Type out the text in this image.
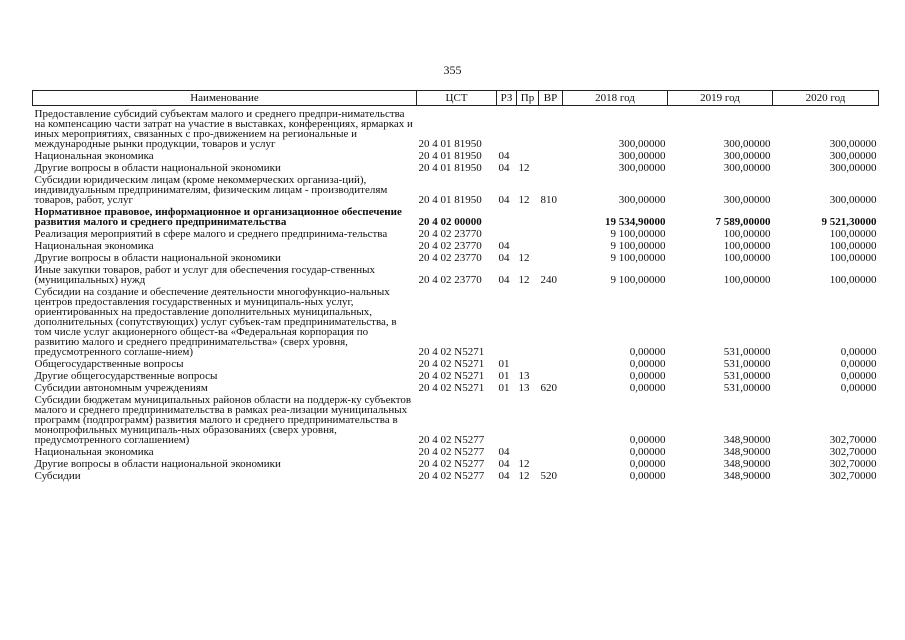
355
Наименование	ЦСТ	РЗ	Пр	ВР	2018 год	2019 год	2020 год
Предоставление субсидий субъектам малого и среднего предпри-нимательства на компенсацию части затрат на участие в выставках, конференциях, ярмарках и иных мероприятиях, связанных с про-движением на региональные и международные рынки продукции, товаров и услуг	20 4 01 81950				300,00000	300,00000	300,00000
Национальная экономика	20 4 01 81950	04			300,00000	300,00000	300,00000
Другие вопросы в области национальной экономики	20 4 01 81950	04	12		300,00000	300,00000	300,00000
Субсидии юридическим лицам (кроме некоммерческих организа-ций), индивидуальным предпринимателям, физическим лицам - производителям товаров, работ, услуг	20 4 01 81950	04	12	810	300,00000	300,00000	300,00000
Нормативное правовое, информационное и организационное обеспечение развития малого и среднего предпринимательства	20 4 02 00000				19 534,90000	7 589,00000	9 521,30000
Реализация мероприятий в сфере малого и среднего предпринима-тельства	20 4 02 23770				9 100,00000	100,00000	100,00000
Национальная экономика	20 4 02 23770	04			9 100,00000	100,00000	100,00000
Другие вопросы в области национальной экономики	20 4 02 23770	04	12		9 100,00000	100,00000	100,00000
Иные закупки товаров, работ и услуг для обеспечения государ-ственных (муниципальных) нужд	20 4 02 23770	04	12	240	9 100,00000	100,00000	100,00000
Субсидии на создание и обеспечение деятельности многофункцио-нальных центров предоставления государственных и муниципаль-ных услуг, ориентированных на предоставление дополнительных муниципальных, дополнительных (сопутствующих) услуг субъек-там предпринимательства, в том числе услуг акционерного общест-ва «Федеральная корпорация по развитию малого и среднего предпринимательства» (сверх уровня, предусмотренного соглаше-нием)	20 4 02 N5271				0,00000	531,00000	0,00000
Общегосударственные вопросы	20 4 02 N5271	01			0,00000	531,00000	0,00000
Другие общегосударственные вопросы	20 4 02 N5271	01	13		0,00000	531,00000	0,00000
Субсидии автономным учреждениям	20 4 02 N5271	01	13	620	0,00000	531,00000	0,00000
Субсидии бюджетам муниципальных районов области на поддерж-ку субъектов малого и среднего предпринимательства в рамках реа-лизации муниципальных программ (подпрограмм) развития малого и среднего предпринимательства в монопрофильных муниципаль-ных образованиях (сверх уровня, предусмотренного соглашением)	20 4 02 N5277				0,00000	348,90000	302,70000
Национальная экономика	20 4 02 N5277	04			0,00000	348,90000	302,70000
Другие вопросы в области национальной экономики	20 4 02 N5277	04	12		0,00000	348,90000	302,70000
Субсидии	20 4 02 N5277	04	12	520	0,00000	348,90000	302,70000
